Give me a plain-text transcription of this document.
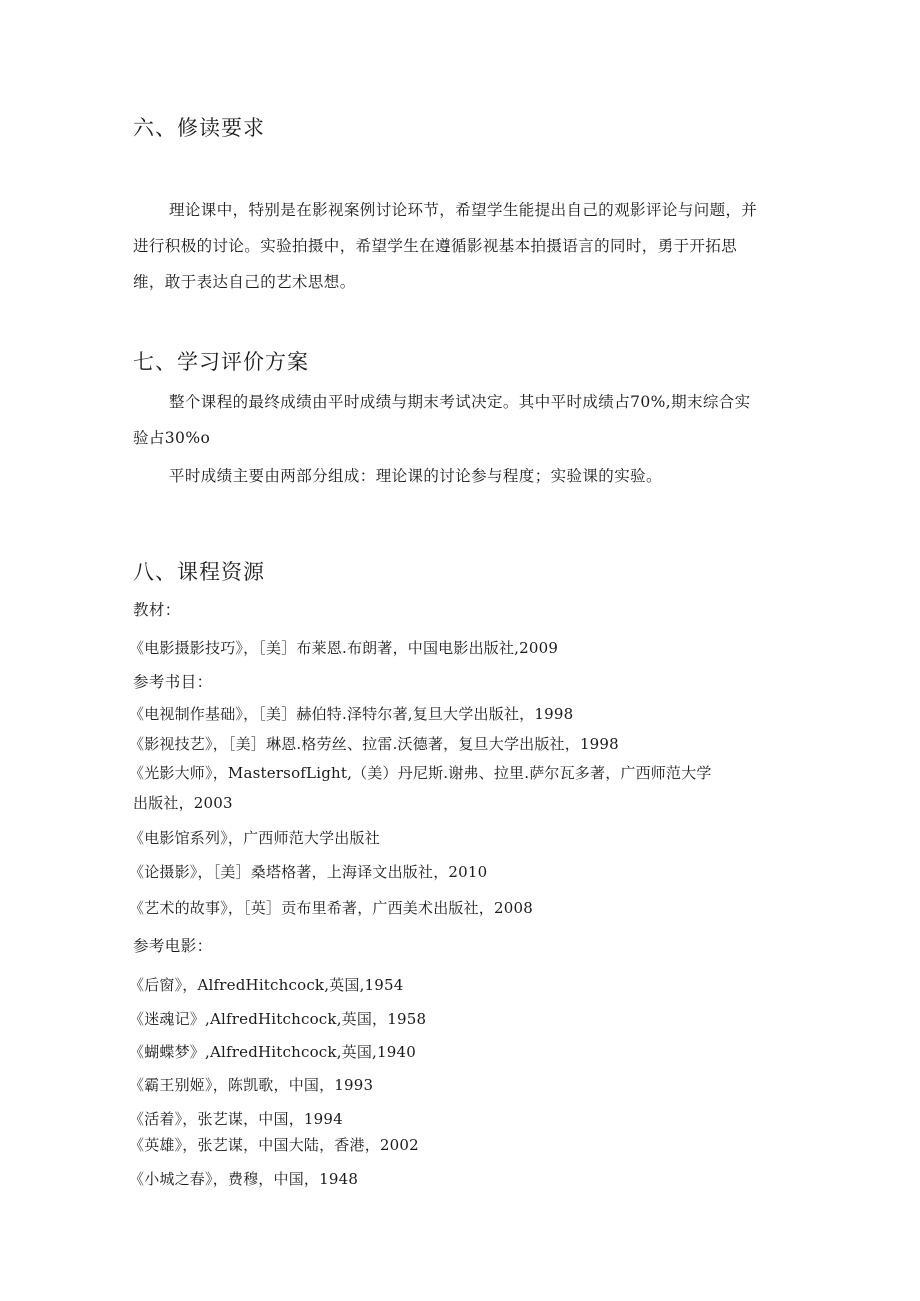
六、修读要求
理论课中，特别是在影视案例讨论环节，希望学生能提出自己的观影评论与问题，并
进行积极的讨论。实验拍摄中，希望学生在遵循影视基本拍摄语言的同时，勇于开拓思
维，敢于表达自己的艺术思想。
七、学习评价方案
整个课程的最终成绩由平时成绩与期末考试决定。其中平时成绩占70%,期末综合实
验占30%o
平时成绩主要由两部分组成：理论课的讨论参与程度；实验课的实验。
八、课程资源
教材：
《电影摄影技巧》，［美］布莱恩.布朗著，中国电影出版社,2009
参考书目：
《电视制作基础》，［美］赫伯特.泽特尔著,复旦大学出版社，1998
《影视技艺》，［美］琳恩.格劳丝、拉雷.沃德著，复旦大学出版社，1998
《光影大师》，MastersofLight,（美）丹尼斯.谢弗、拉里.萨尔瓦多著，广西师范大学
出版社，2003
《电影馆系列》，广西师范大学出版社
《论摄影》，［美］桑塔格著，上海译文出版社，2010
《艺术的故事》，［英］贡布里希著，广西美术出版社，2008
参考电影：
《后窗》，AlfredHitchcock,英国,1954
《迷魂记》,AlfredHitchcock,英国，1958
《蝴蝶梦》,AlfredHitchcock,英国,1940
《霸王别姬》，陈凯歌，中国，1993
《活着》，张艺谋，中国，1994
《英雄》，张艺谋，中国大陆，香港，2002
《小城之春》，费穆，中国，1948
